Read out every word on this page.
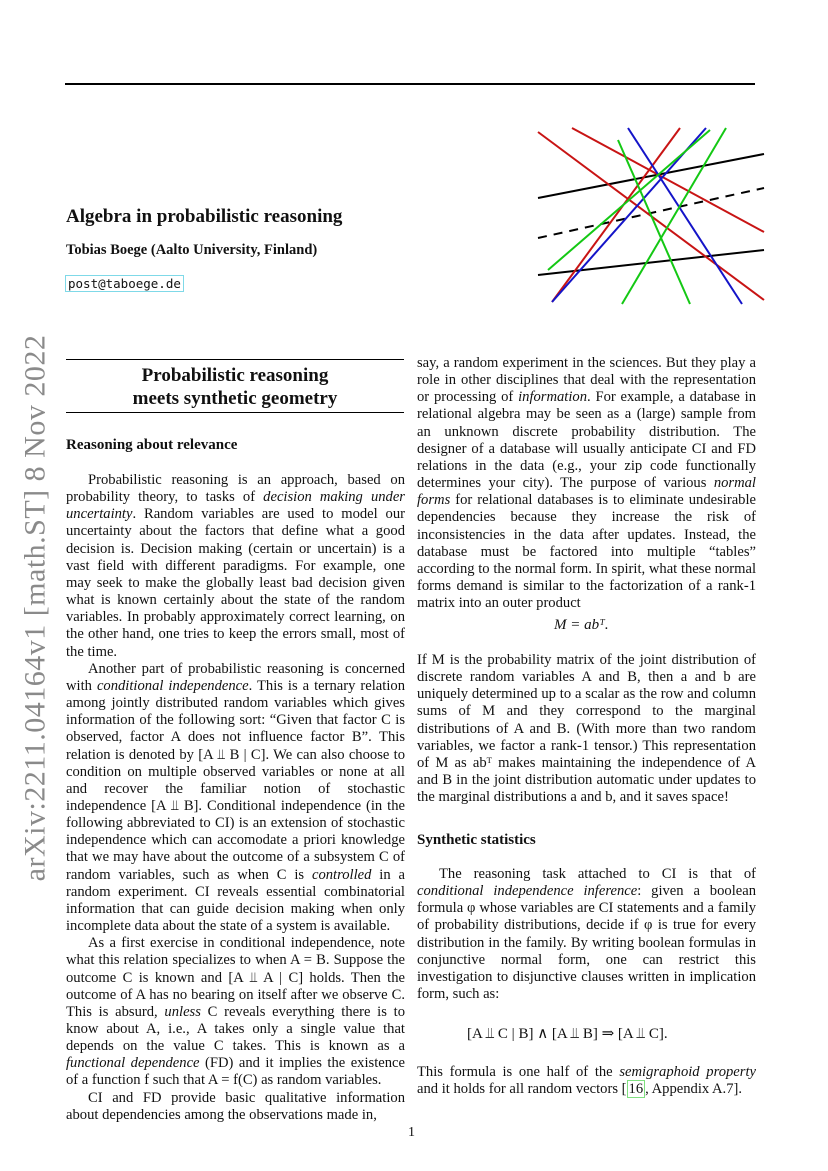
arXiv:2211.04164v1 [math.ST] 8 Nov 2022
Algebra in probabilistic reasoning
Tobias Boege (Aalto University, Finland)
post@taboege.de
Probabilistic reasoning
meets synthetic geometry
Reasoning about relevance

Probabilistic reasoning is an approach, based on probability theory, to tasks of decision making under uncertainty. Random variables are used to model our uncertainty about the factors that define what a good decision is. Decision making (certain or uncertain) is a vast field with different paradigms. For example, one may seek to make the globally least bad decision given what is known certainly about the state of the random variables. In probably approximately correct learning, on the other hand, one tries to keep the errors small, most of the time.

Another part of probabilistic reasoning is concerned with conditional independence. This is a ternary relation among jointly distributed random variables which gives information of the following sort: “Given that factor C is observed, factor A does not influence factor B”. This relation is denoted by [A ⫫ B | C]. We can also choose to condition on multiple observed variables or none at all and recover the familiar notion of stochastic independence [A ⫫ B]. Conditional independence (in the following abbreviated to CI) is an extension of stochastic independence which can accomodate a priori knowledge that we may have about the outcome of a subsystem C of random variables, such as when C is controlled in a random experiment. CI reveals essential combinatorial information that can guide decision making when only incomplete data about the state of a system is available.

As a first exercise in conditional independence, note what this relation specializes to when A = B. Suppose the outcome C is known and [A ⫫ A | C] holds. Then the outcome of A has no bearing on itself after we observe C. This is absurd, unless C reveals everything there is to know about A, i.e., A takes only a single value that depends on the value C takes. This is known as a functional dependence (FD) and it implies the existence of a function f such that A = f(C) as random variables.

CI and FD provide basic qualitative information about dependencies among the observations made in,

say, a random experiment in the sciences. But they play a role in other disciplines that deal with the representation or processing of information. For example, a database in relational algebra may be seen as a (large) sample from an unknown discrete probability distribution. The designer of a database will usually anticipate CI and FD relations in the data (e.g., your zip code functionally determines your city). The purpose of various normal forms for relational databases is to eliminate undesirable dependencies because they increase the risk of inconsistencies in the data after updates. Instead, the database must be factored into multiple “tables” according to the normal form. In spirit, what these normal forms demand is similar to the factorization of a rank-1 matrix into an outer product

M = abᵀ.

If M is the probability matrix of the joint distribution of discrete random variables A and B, then a and b are uniquely determined up to a scalar as the row and column sums of M and they correspond to the marginal distributions of A and B. (With more than two random variables, we factor a rank-1 tensor.) This representation of M as abᵀ makes maintaining the independence of A and B in the joint distribution automatic under updates to the marginal distributions a and b, and it saves space!

Synthetic statistics

The reasoning task attached to CI is that of conditional independence inference: given a boolean formula φ whose variables are CI statements and a family of probability distributions, decide if φ is true for every distribution in the family. By writing boolean formulas in conjunctive normal form, one can restrict this investigation to disjunctive clauses written in implication form, such as:

[A ⫫ C | B] ∧ [A ⫫ B] ⇒ [A ⫫ C].

This formula is one half of the semigraphoid property and it holds for all random vectors [ 16 , Appendix A.7].

1
